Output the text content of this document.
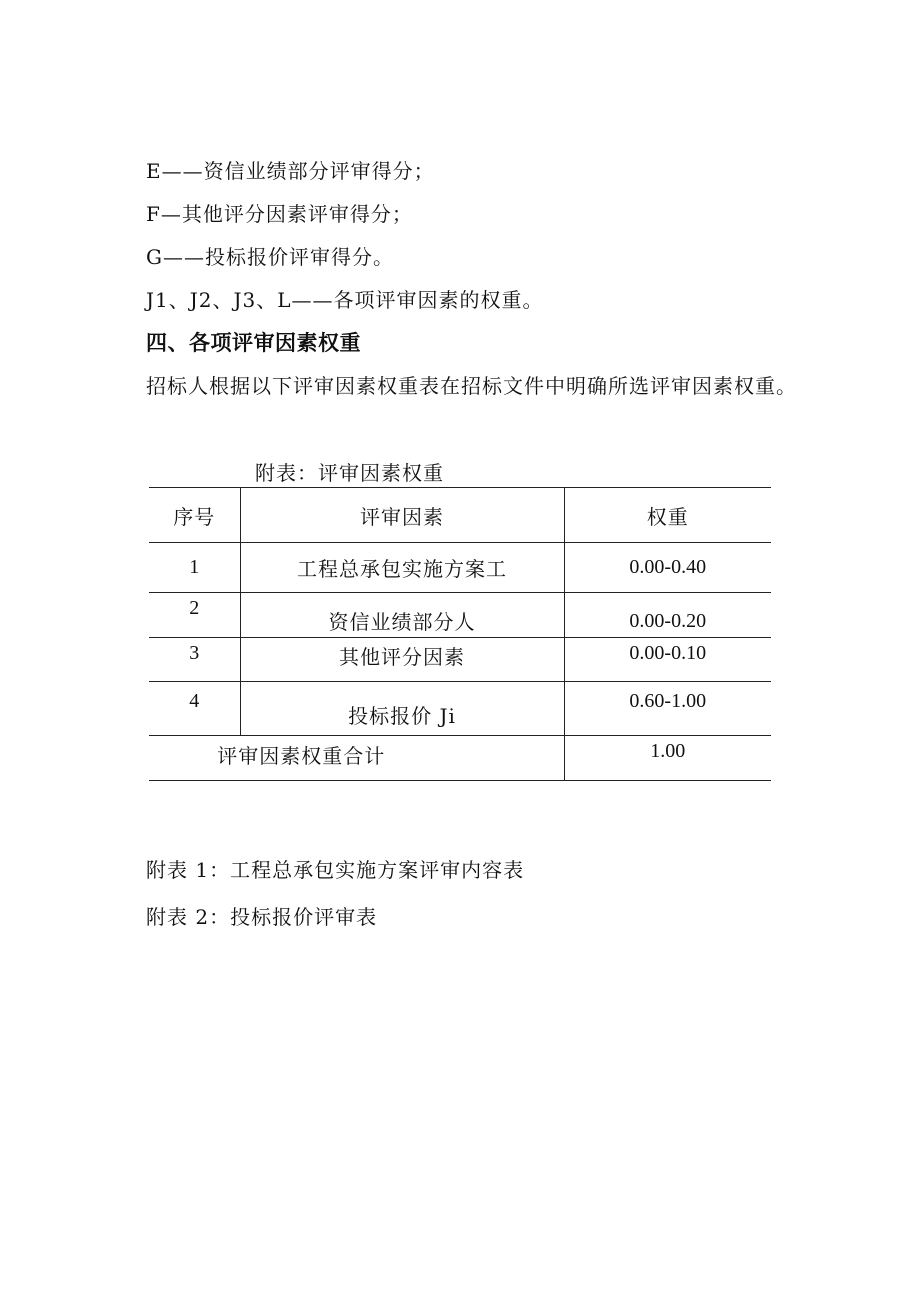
E——资信业绩部分评审得分；
F—其他评分因素评审得分；
G——投标报价评审得分。
J1、J2、J3、L——各项评审因素的权重。
四、各项评审因素权重
招标人根据以下评审因素权重表在招标文件中明确所选评审因素权重。
附表：评审因素权重
序号	评审因素	权重
1	工程总承包实施方案工	0.00-0.40
2	资信业绩部分人	0.00-0.20
3	其他评分因素	0.00-0.10
4	投标报价 Ji	0.60-1.00
评审因素权重合计		1.00
附表 1：工程总承包实施方案评审内容表
附表 2：投标报价评审表
